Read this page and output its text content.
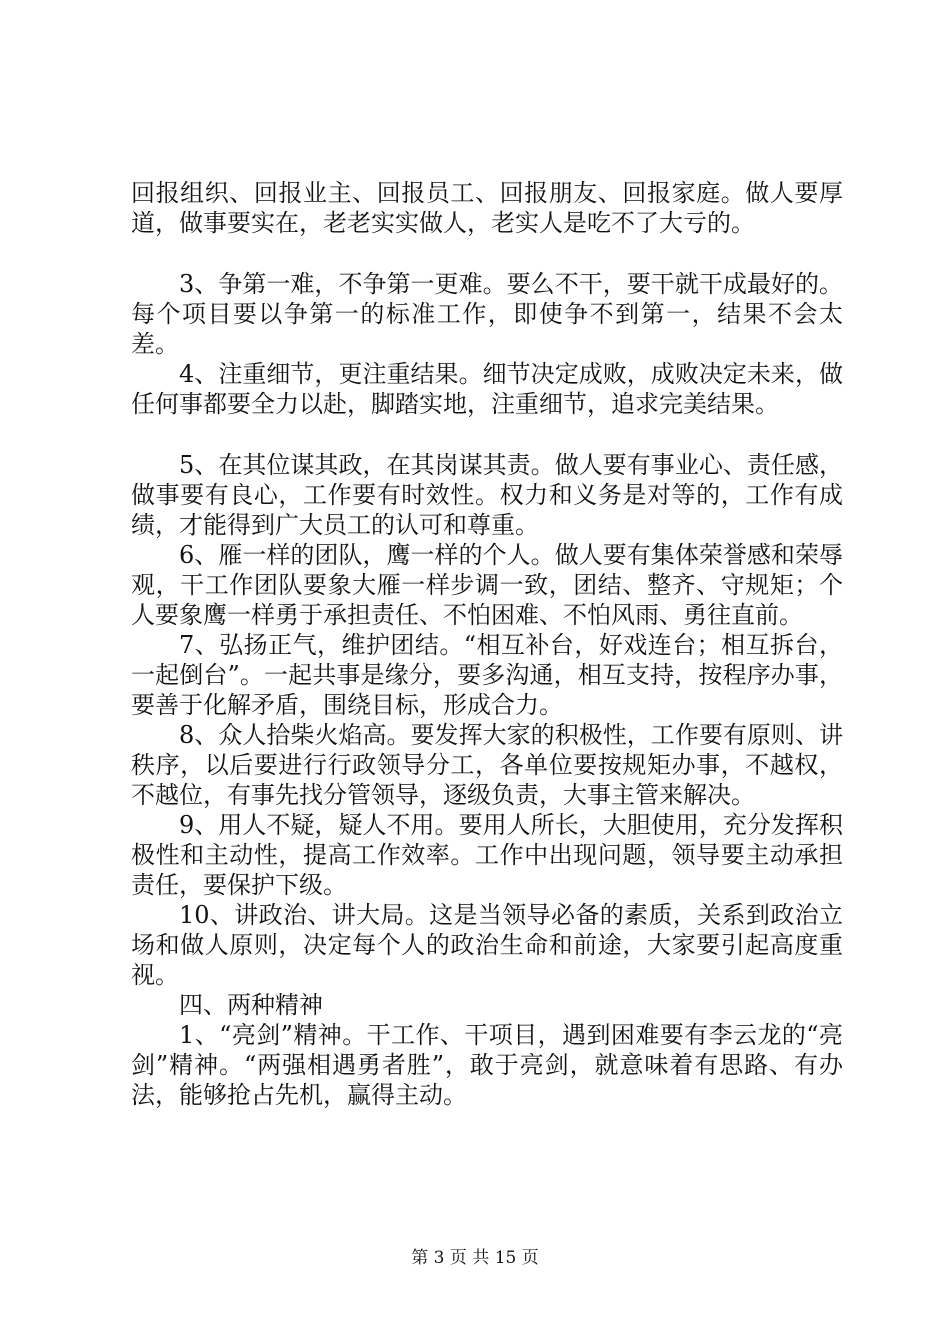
回报组织、回报业主、回报员工、回报朋友、回报家庭。做人要厚道，做事要实在，老老实实做人，老实人是吃不了大亏的。

3、争第一难，不争第一更难。要么不干，要干就干成最好的。每个项目要以争第一的标准工作，即使争不到第一，结果不会太差。

4、注重细节，更注重结果。细节决定成败，成败决定未来，做任何事都要全力以赴，脚踏实地，注重细节，追求完美结果。

5、在其位谋其政，在其岗谋其责。做人要有事业心、责任感，做事要有良心，工作要有时效性。权力和义务是对等的，工作有成绩，才能得到广大员工的认可和尊重。

6、雁一样的团队，鹰一样的个人。做人要有集体荣誉感和荣辱观，干工作团队要象大雁一样步调一致，团结、整齐、守规矩；个人要象鹰一样勇于承担责任、不怕困难、不怕风雨、勇往直前。

7、弘扬正气，维护团结。“相互补台，好戏连台；相互拆台，一起倒台”。一起共事是缘分，要多沟通，相互支持，按程序办事，要善于化解矛盾，围绕目标，形成合力。

8、众人拾柴火焰高。要发挥大家的积极性，工作要有原则、讲秩序，以后要进行行政领导分工，各单位要按规矩办事，不越权，不越位，有事先找分管领导，逐级负责，大事主管来解决。

9、用人不疑，疑人不用。要用人所长，大胆使用，充分发挥积极性和主动性，提高工作效率。工作中出现问题，领导要主动承担责任，要保护下级。

10、讲政治、讲大局。这是当领导必备的素质，关系到政治立场和做人原则，决定每个人的政治生命和前途，大家要引起高度重视。

四、两种精神

1、“亮剑”精神。干工作、干项目，遇到困难要有李云龙的“亮剑”精神。“两强相遇勇者胜”，敢于亮剑，就意味着有思路、有办法，能够抢占先机，赢得主动。

第 3 页 共 15 页
